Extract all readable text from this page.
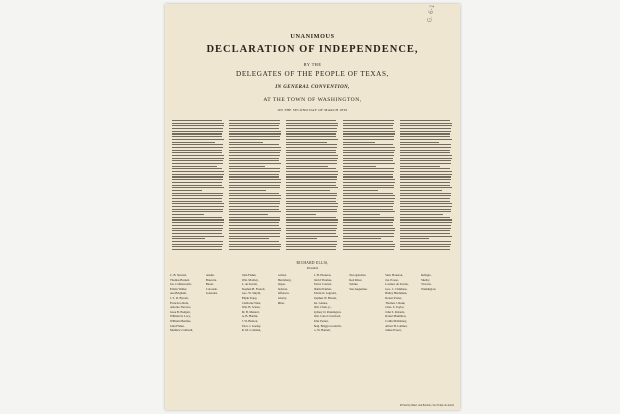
G. 6-1
UNANIMOUS
DECLARATION OF INDEPENDENCE,
BY THE
DELEGATES OF THE PEOPLE OF TEXAS,
IN GENERAL CONVENTION,
AT THE TOWN OF WASHINGTON,
ON THE SECOND DAY OF MARCH 1836
RICHARD ELLIS,
President
C. B. Stewart,
Thomas Barnett,
Jas. Collinsworth,
Edwin Waller,
Asa Brigham,
J. S. D. Byrom,
Francisco Ruiz,
Antonio Navarro,
Jesse B. Badgett,
William D. Lacy,
William Menifee,
John Fisher,
Matthew Caldwell,
Austin.
Brazoria.
Bexar.
Colorado.
Gonzales.
John Fisher,
Wm. Mottley,
L. de Zavala,
Stephen H. Everett,
Geo. W. Smyth,
Elijah Stapp,
Claiborne West,
Wm. B. Scates,
M. B. Menard,
A. B. Hardin,
J. W. Bunton,
Thos. J. Gazley,
R. M. Coleman,
Goliad.
Harrisburg.
Jasper.
Jackson.
Jefferson.
Liberty.
Mina.
S. H. Houston,
David Thomas,
Edwd. Conrad,
Martin Parmer,
Edwin O. Legrand,
Stephen W. Blount,
Jas. Gaines,
Wm. Clark, jr.,
Sydney O. Pennington,
Wm. Carrol Crawford,
John Turner,
Benj. Briggs Goodrich,
G. W. Barnett,
Nacogdoches.
Red River.
Sabine.
San Augustine.
Sam. Houston,
Jas. Power,
Lorenzo de Zavala,
Geo. C. Childress,
Bailey Hardeman,
Robert Potter,
Thomas J. Rusk,
Chas. S. Taylor,
John S. Roberts,
Robert Hamilton,
Collin McKinney,
Albert H. Latimer,
James Power,
Refugio.
Shelby.
Victoria.
Washington.
Printed by Baker and Bordens, San Felipe de Austin
